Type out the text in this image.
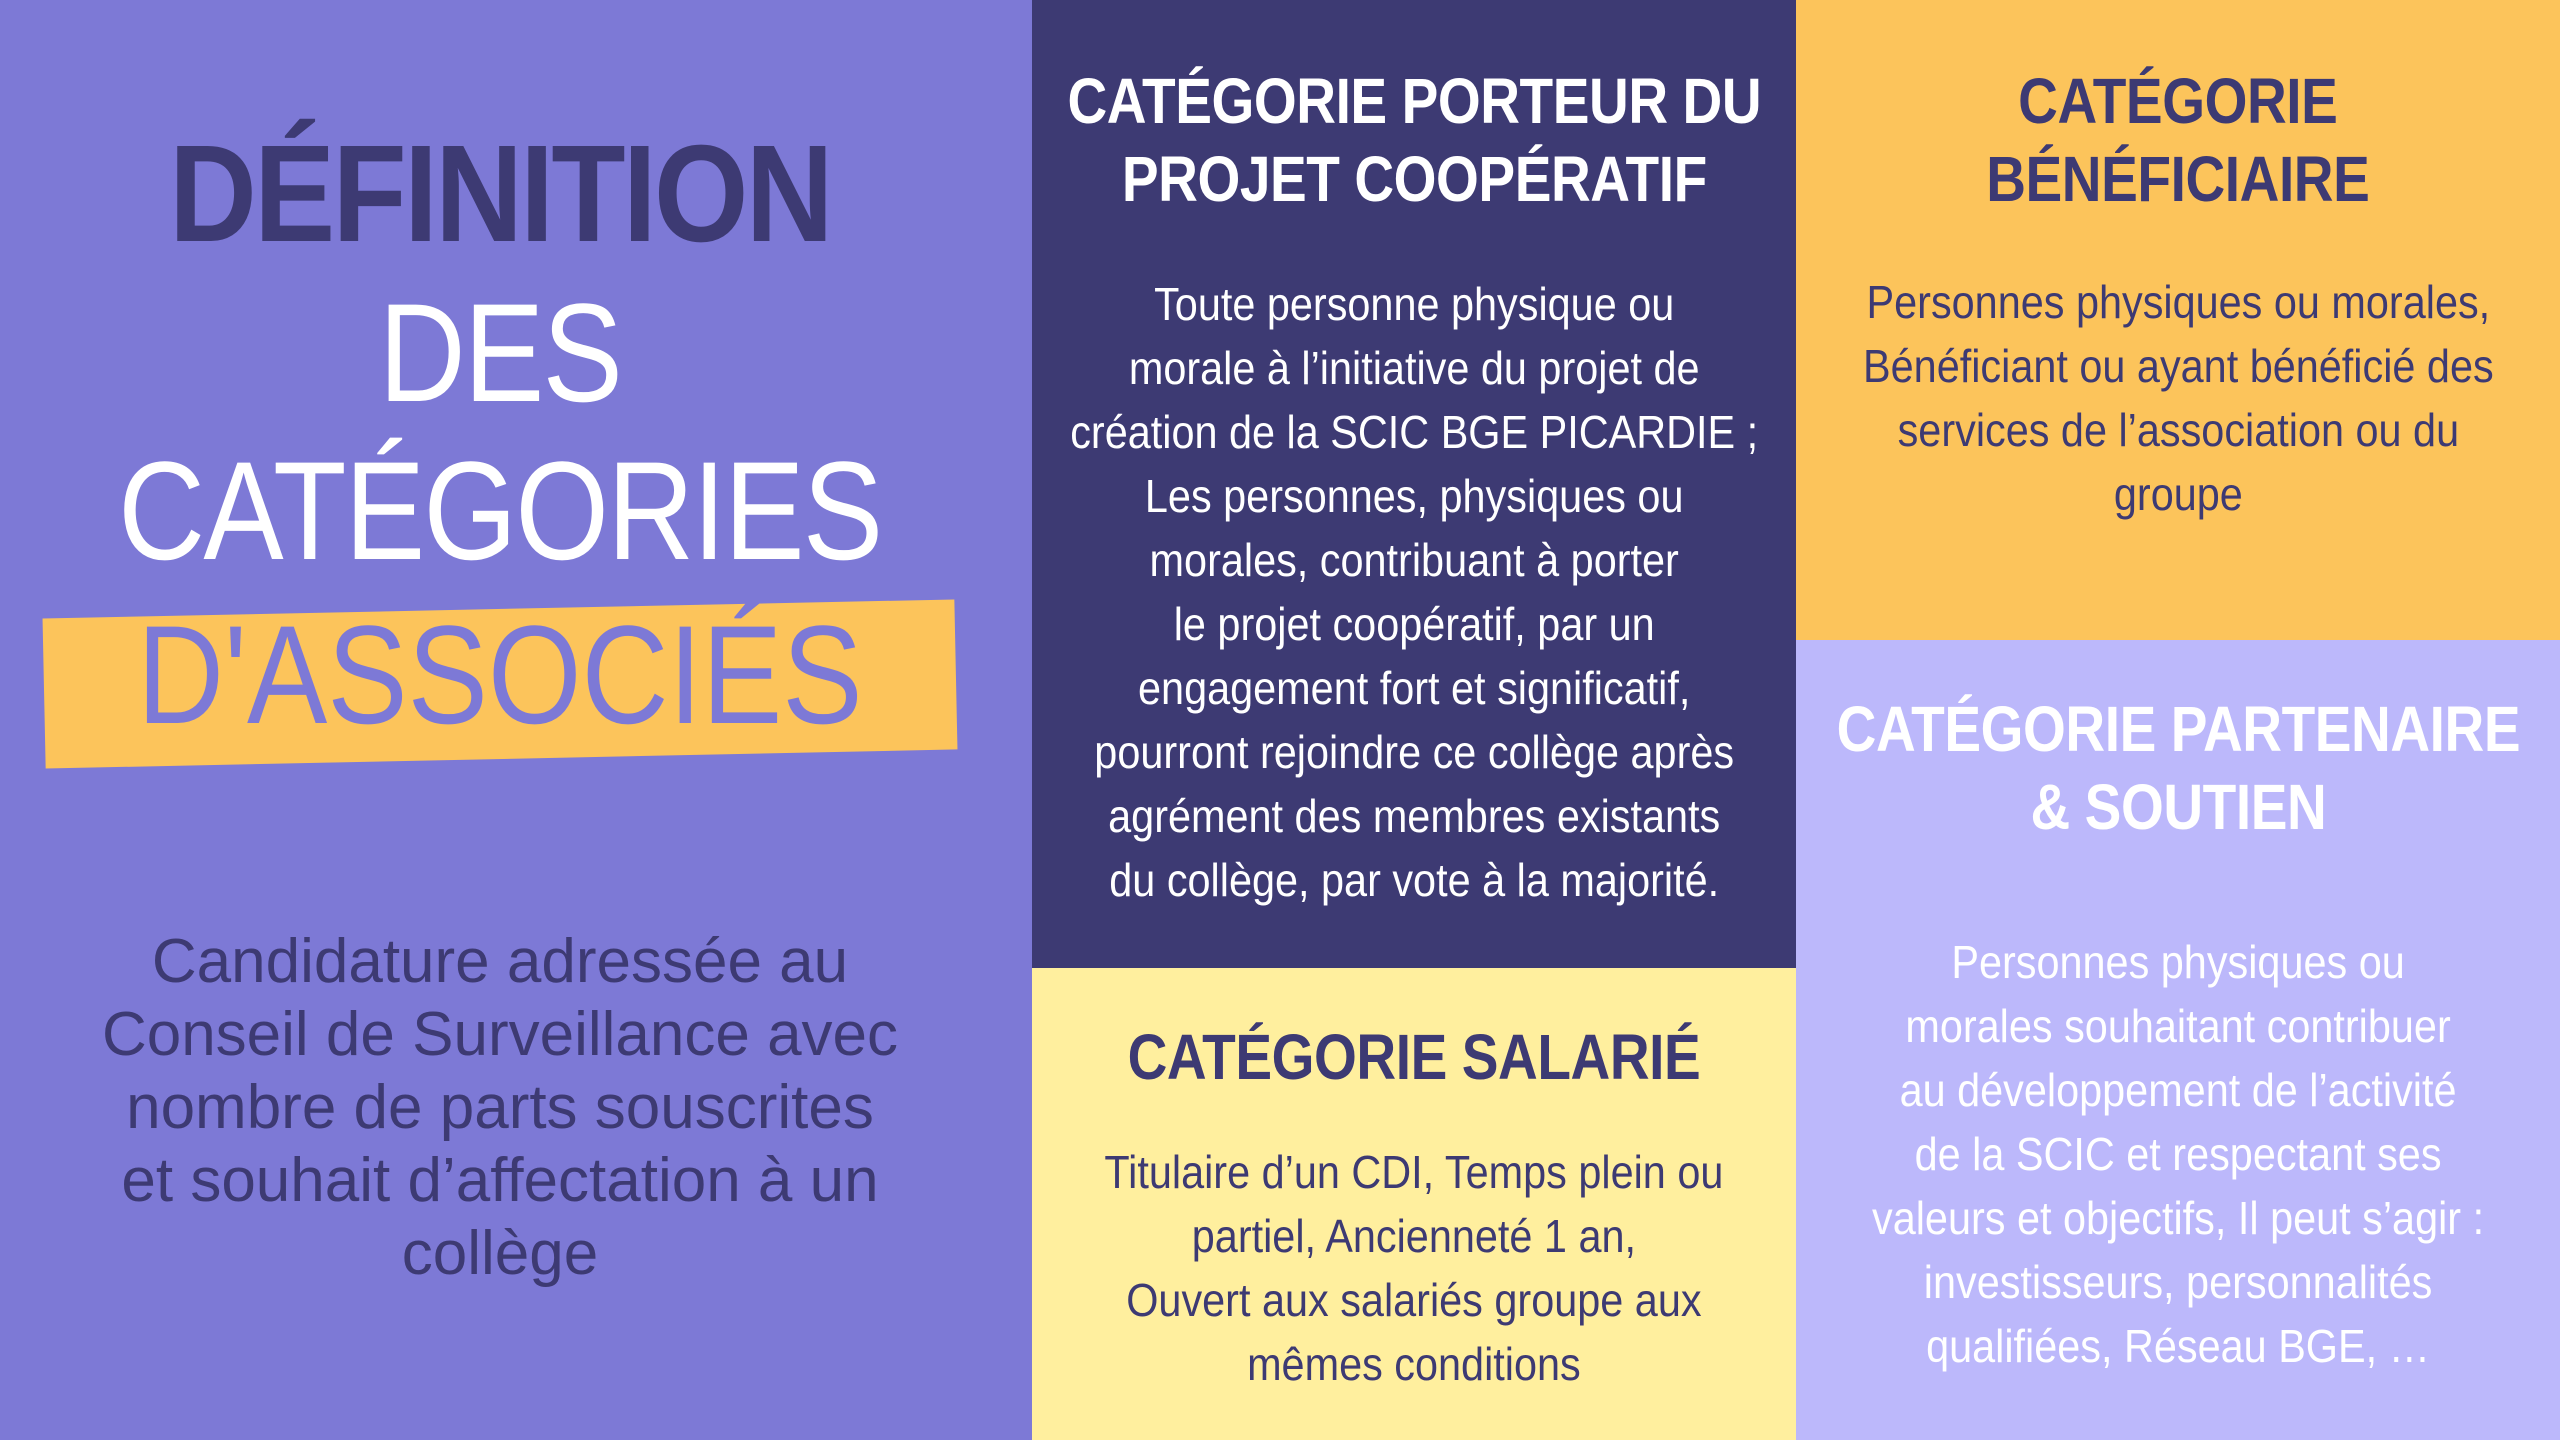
DÉFINITION
DES
CATÉGORIES
D'ASSOCIÉS
Candidature adressée au
Conseil de Surveillance avec
nombre de parts souscrites
et souhait d’affectation à un
collège
CATÉGORIE PORTEUR DU
PROJET COOPÉRATIF
Toute personne physique ou
morale à l’initiative du projet de
création de la SCIC BGE PICARDIE ;
Les personnes, physiques ou
morales, contribuant à porter
le projet coopératif, par un
engagement fort et significatif,
pourront rejoindre ce collège après
agrément des membres existants
du collège, par vote à la majorité.
CATÉGORIE SALARIÉ
Titulaire d’un CDI, Temps plein ou
partiel, Ancienneté 1 an,
Ouvert aux salariés groupe aux
mêmes conditions
CATÉGORIE
BÉNÉFICIAIRE
Personnes physiques ou morales,
Bénéficiant ou ayant bénéficié des
services de l’association ou du
groupe
CATÉGORIE PARTENAIRE
& SOUTIEN
Personnes physiques ou
morales souhaitant contribuer
au développement de l’activité
de la SCIC et respectant ses
valeurs et objectifs, Il peut s’agir :
investisseurs, personnalités
qualifiées, Réseau BGE, …
